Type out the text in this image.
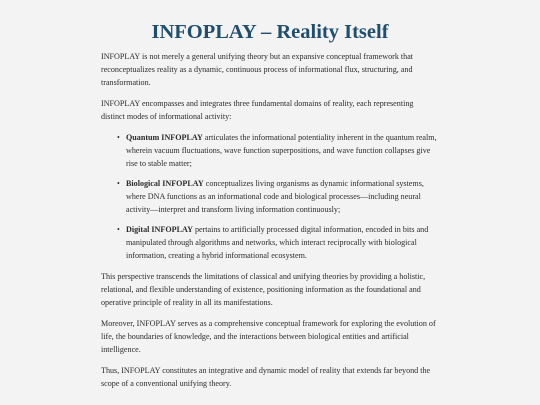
INFOPLAY – Reality Itself

INFOPLAY is not merely a general unifying theory but an expansive conceptual framework that reconceptualizes reality as a dynamic, continuous process of informational flux, structuring, and transformation.

INFOPLAY encompasses and integrates three fundamental domains of reality, each representing distinct modes of informational activity:

• Quantum INFOPLAY articulates the informational potentiality inherent in the quantum realm, wherein vacuum fluctuations, wave function superpositions, and wave function collapses give rise to stable matter;
• Biological INFOPLAY conceptualizes living organisms as dynamic informational systems, where DNA functions as an informational code and biological processes—including neural activity—interpret and transform living information continuously;
• Digital INFOPLAY pertains to artificially processed digital information, encoded in bits and manipulated through algorithms and networks, which interact reciprocally with biological information, creating a hybrid informational ecosystem.

This perspective transcends the limitations of classical and unifying theories by providing a holistic, relational, and flexible understanding of existence, positioning information as the foundational and operative principle of reality in all its manifestations.

Moreover, INFOPLAY serves as a comprehensive conceptual framework for exploring the evolution of life, the boundaries of knowledge, and the interactions between biological entities and artificial intelligence.

Thus, INFOPLAY constitutes an integrative and dynamic model of reality that extends far beyond the scope of a conventional unifying theory.
